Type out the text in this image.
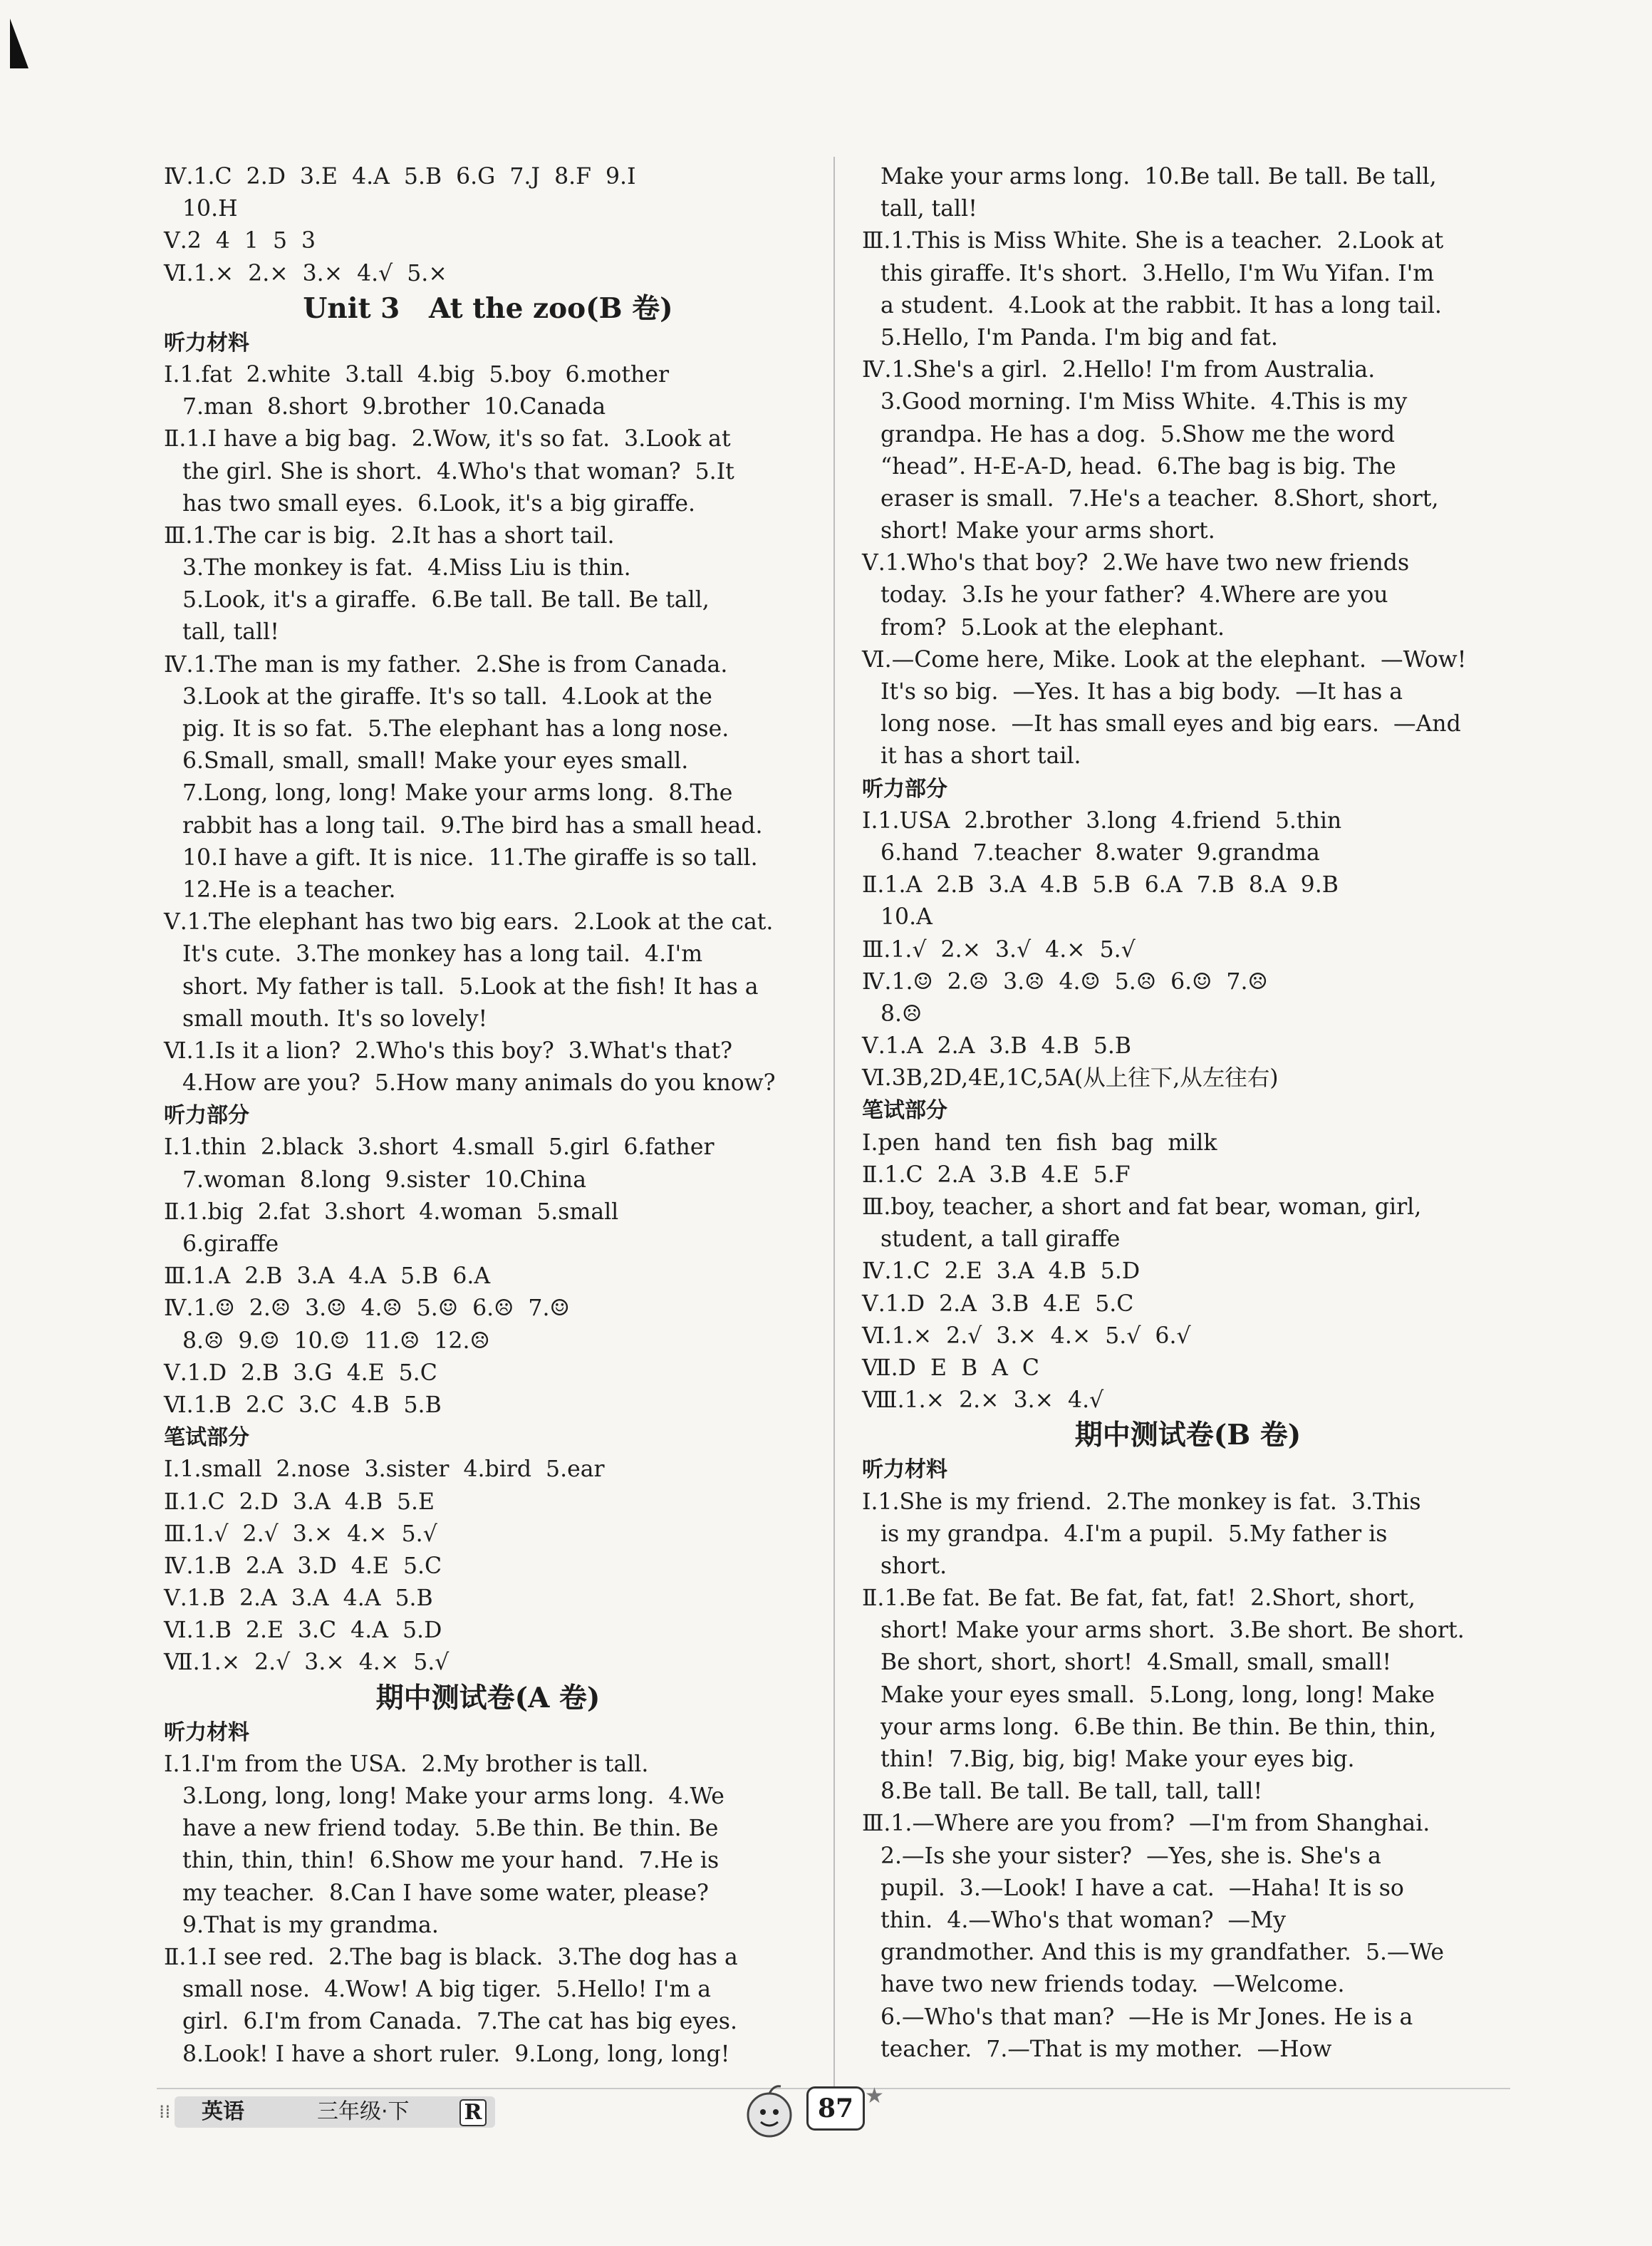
Ⅳ.1.C  2.D  3.E  4.A  5.B  6.G  7.J  8.F  9.I
10.H
Ⅴ.2  4  1  5  3
Ⅵ.1.×  2.×  3.×  4.√  5.×
Unit 3   At the zoo(B 卷)
听力材料
Ⅰ.1.fat  2.white  3.tall  4.big  5.boy  6.mother
7.man  8.short  9.brother  10.Canada
Ⅱ.1.I have a big bag.  2.Wow, it's so fat.  3.Look at
the girl. She is short.  4.Who's that woman?  5.It
has two small eyes.  6.Look, it's a big giraffe.
Ⅲ.1.The car is big.  2.It has a short tail.
3.The monkey is fat.  4.Miss Liu is thin.
5.Look, it's a giraffe.  6.Be tall. Be tall. Be tall,
tall, tall!
Ⅳ.1.The man is my father.  2.She is from Canada.
3.Look at the giraffe. It's so tall.  4.Look at the
pig. It is so fat.  5.The elephant has a long nose.
6.Small, small, small! Make your eyes small.
7.Long, long, long! Make your arms long.  8.The
rabbit has a long tail.  9.The bird has a small head.
10.I have a gift. It is nice.  11.The giraffe is so tall.
12.He is a teacher.
Ⅴ.1.The elephant has two big ears.  2.Look at the cat.
It's cute.  3.The monkey has a long tail.  4.I'm
short. My father is tall.  5.Look at the fish! It has a
small mouth. It's so lovely!
Ⅵ.1.Is it a lion?  2.Who's this boy?  3.What's that?
4.How are you?  5.How many animals do you know?
听力部分
Ⅰ.1.thin  2.black  3.short  4.small  5.girl  6.father
7.woman  8.long  9.sister  10.China
Ⅱ.1.big  2.fat  3.short  4.woman  5.small
6.giraffe
Ⅲ.1.A  2.B  3.A  4.A  5.B  6.A
Ⅳ.1.☺  2.☹  3.☺  4.☹  5.☺  6.☹  7.☺
8.☹  9.☺  10.☺  11.☹  12.☹
Ⅴ.1.D  2.B  3.G  4.E  5.C
Ⅵ.1.B  2.C  3.C  4.B  5.B
笔试部分
Ⅰ.1.small  2.nose  3.sister  4.bird  5.ear
Ⅱ.1.C  2.D  3.A  4.B  5.E
Ⅲ.1.√  2.√  3.×  4.×  5.√
Ⅳ.1.B  2.A  3.D  4.E  5.C
Ⅴ.1.B  2.A  3.A  4.A  5.B
Ⅵ.1.B  2.E  3.C  4.A  5.D
Ⅶ.1.×  2.√  3.×  4.×  5.√
期中测试卷(A 卷)
听力材料
Ⅰ.1.I'm from the USA.  2.My brother is tall.
3.Long, long, long! Make your arms long.  4.We
have a new friend today.  5.Be thin. Be thin. Be
thin, thin, thin!  6.Show me your hand.  7.He is
my teacher.  8.Can I have some water, please?
9.That is my grandma.
Ⅱ.1.I see red.  2.The bag is black.  3.The dog has a
small nose.  4.Wow! A big tiger.  5.Hello! I'm a
girl.  6.I'm from Canada.  7.The cat has big eyes.
8.Look! I have a short ruler.  9.Long, long, long!
Make your arms long.  10.Be tall. Be tall. Be tall,
tall, tall!
Ⅲ.1.This is Miss White. She is a teacher.  2.Look at
this giraffe. It's short.  3.Hello, I'm Wu Yifan. I'm
a student.  4.Look at the rabbit. It has a long tail.
5.Hello, I'm Panda. I'm big and fat.
Ⅳ.1.She's a girl.  2.Hello! I'm from Australia.
3.Good morning. I'm Miss White.  4.This is my
grandpa. He has a dog.  5.Show me the word
“head”. H-E-A-D, head.  6.The bag is big. The
eraser is small.  7.He's a teacher.  8.Short, short,
short! Make your arms short.
Ⅴ.1.Who's that boy?  2.We have two new friends
today.  3.Is he your father?  4.Where are you
from?  5.Look at the elephant.
Ⅵ.—Come here, Mike. Look at the elephant.  —Wow!
It's so big.  —Yes. It has a big body.  —It has a
long nose.  —It has small eyes and big ears.  —And
it has a short tail.
听力部分
Ⅰ.1.USA  2.brother  3.long  4.friend  5.thin
6.hand  7.teacher  8.water  9.grandma
Ⅱ.1.A  2.B  3.A  4.B  5.B  6.A  7.B  8.A  9.B
10.A
Ⅲ.1.√  2.×  3.√  4.×  5.√
Ⅳ.1.☺  2.☹  3.☹  4.☺  5.☹  6.☺  7.☹
8.☹
Ⅴ.1.A  2.A  3.B  4.B  5.B
Ⅵ.3B,2D,4E,1C,5A(从上往下,从左往右)
笔试部分
Ⅰ.pen  hand  ten  fish  bag  milk
Ⅱ.1.C  2.A  3.B  4.E  5.F
Ⅲ.boy, teacher, a short and fat bear, woman, girl,
student, a tall giraffe
Ⅳ.1.C  2.E  3.A  4.B  5.D
Ⅴ.1.D  2.A  3.B  4.E  5.C
Ⅵ.1.×  2.√  3.×  4.×  5.√  6.√
Ⅶ.D  E  B  A  C
Ⅷ.1.×  2.×  3.×  4.√
期中测试卷(B 卷)
听力材料
Ⅰ.1.She is my friend.  2.The monkey is fat.  3.This
is my grandpa.  4.I'm a pupil.  5.My father is
short.
Ⅱ.1.Be fat. Be fat. Be fat, fat, fat!  2.Short, short,
short! Make your arms short.  3.Be short. Be short.
Be short, short, short!  4.Small, small, small!
Make your eyes small.  5.Long, long, long! Make
your arms long.  6.Be thin. Be thin. Be thin, thin,
thin!  7.Big, big, big! Make your eyes big.
8.Be tall. Be tall. Be tall, tall, tall!
Ⅲ.1.—Where are you from?  —I'm from Shanghai.
2.—Is she your sister?  —Yes, she is. She's a
pupil.  3.—Look! I have a cat.  —Haha! It is so
thin.  4.—Who's that woman?  —My
grandmother. And this is my grandfather.  5.—We
have two new friends today.  —Welcome.
6.—Who's that man?  —He is Mr Jones. He is a
teacher.  7.—That is my mother.  —How
⁞⁞ 英语	三年级·下	R	87 ★
